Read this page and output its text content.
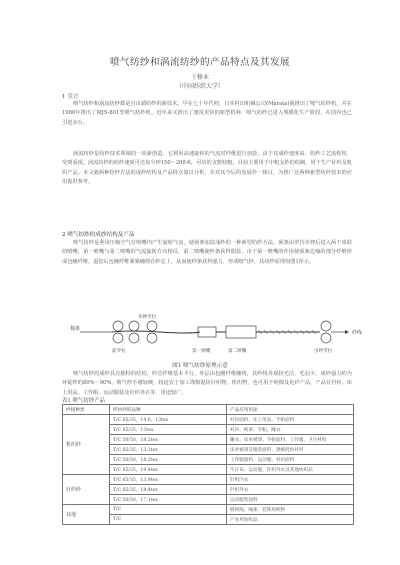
喷气纺纱和涡流纺纱的产品特点及其发展
于修业
（中国纺织大学）
1 引言
喷气纺纱和涡流纺纱都是自由端纺纱的新技术，早在七十年代初，日本村田机械公司(Murata)就推出了喷气纺纱机，并在1980年推出了MJS-801型喷气纺纱机。近年来又推出了速度更快的新型机种，喷气纺纱已进入规模化生产阶段，在国内也已引进多台。
涡流纺纱是纺纱技术领域的一项新创造，它利用高速旋转的气流对纤维进行加捻，由于其成纱速度高，纺纱工艺流程短，受到重视。涡流纺纱的纺纱速度可达每分钟150～200米，可纺的支数较粗，目前主要用于中粗支纱的纺制，用于生产针织及机织产品。本文就两种纺纱方法的成纱结构及产品特点加以分析，并对其今后的发展作一探讨，为推广这两种新型纺纱技术的应用提供参考。
2 喷气纺纱的成纱结构及产品
喷气纺纱是利用压缩空气在喷嘴内产生旋转气流，使须条加捻成纱的一种新型纺纱方法。须条由罗拉牵伸后进入两个串联的喷嘴，第一喷嘴与第二喷嘴的气流旋转方向相反，第二喷嘴使纱条获得假捻，由于第一喷嘴的作用使须条边缘的部分纤维形成包缠纤维，退捻后包缠纤维紧紧缠绕在纱芯上，从而使纱条获得强力，形成喷气纱，其纺纱原理如图1所示。
棉条
纱线
前罗拉	第一喷嘴	第二喷嘴	引纱罗拉
牵伸罗拉
图1 喷气纺纱原理示意
喷气纺纱的成纱具有独特的结构，纱芯纤维基本平行，外层由包缠纤维缠绕，其纱线外观较光洁，毛羽少，成纱强力约为环锭纱的80%～90%。喷气纱手感较硬，较适宜于加工涤棉混纺针织物、机织物，也可用于纯棉及化纤产品，产品有衬衫、床上用品、工作服、运动服装及针织外衣等，用途较广。
表1 喷气纺纱产品
纱线种类	所纺纱的品种	产品应用用途
机织纱	T/C 65/35，14.6，13tex	衬衫面料、床上用品、手帕面料
	T/C 65/35，13tex	衬衫、被罩、手帕、睡衣
	T/C 50/50，18.2tex	睡衣、床单被罩、手帕面料、工作服、卫生材料
	T/C 65/35，13.1tex	床单被罩及服装面料、涤棉混纺衬衫
	T/C 50/50，18.2tex	工作服面料、运动服、衬衫面料
	T/C 65/35，19.4tex	牛仔布、运动服、针织外衣及其他纺织品
针织纱	T/C 65/35，13.9tex	针织内衣
	T/C 65/35，18.4tex	针织外衣
	T/C 50/50，17.1tex	运动服装面料
其他	T/C	缝纫线、绳索、装饰用织物
	T/C	产业用纺织品
